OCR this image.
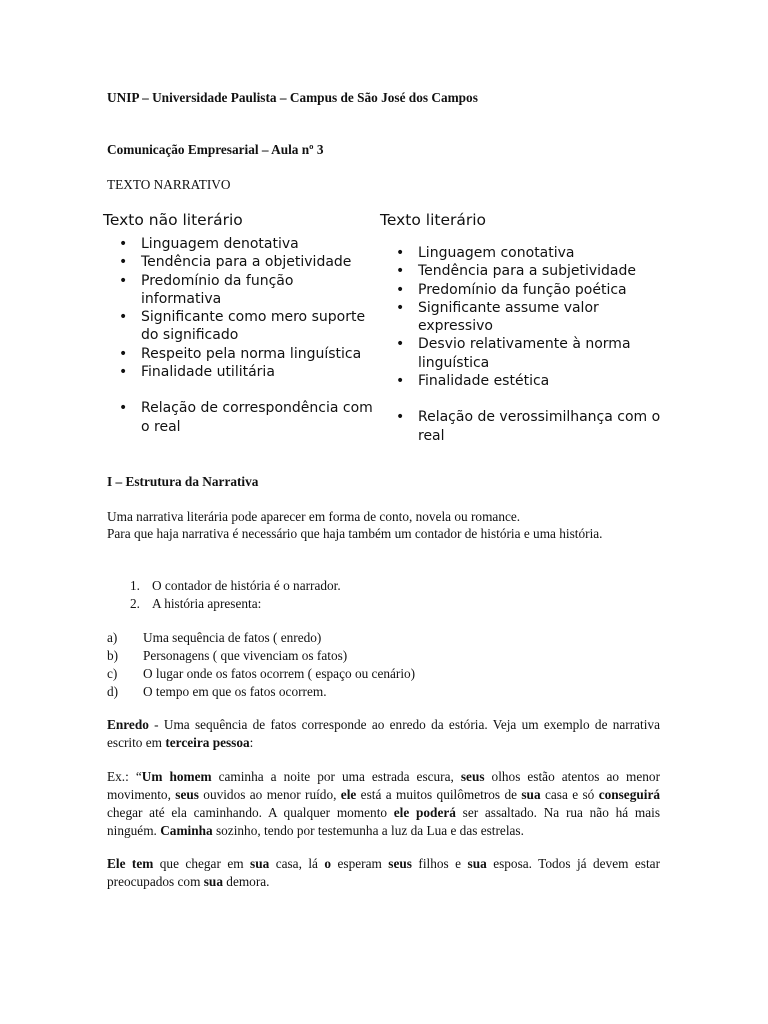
UNIP – Universidade Paulista – Campus de São José dos Campos
Comunicação Empresarial – Aula nº 3
TEXTO NARRATIVO
Texto não literário
• Linguagem denotativa
• Tendência para a objetividade
• Predomínio da função informativa
• Significante como mero suporte do significado
• Respeito pela norma linguística
• Finalidade utilitária
• Relação de correspondência com o real
Texto literário
• Linguagem conotativa
• Tendência para a subjetividade
• Predomínio da função poética
• Significante assume valor expressivo
• Desvio relativamente à norma linguística
• Finalidade estética
• Relação de verossimilhança com o real
I – Estrutura da Narrativa
Uma narrativa literária pode aparecer em forma de conto, novela ou romance.
Para que haja narrativa é necessário que haja também um contador de história e uma história.
1. O contador de história é o narrador.
2. A história apresenta:
a) Uma sequência de fatos ( enredo)
b) Personagens ( que vivenciam os fatos)
c) O lugar onde os fatos ocorrem ( espaço ou cenário)
d) O tempo em que os fatos ocorrem.
Enredo - Uma sequência de fatos corresponde ao enredo da estória. Veja um exemplo de narrativa escrito em terceira pessoa:
Ex.: “Um homem caminha a noite por uma estrada escura, seus olhos estão atentos ao menor movimento, seus ouvidos ao menor ruído, ele está a muitos quilômetros de sua casa e só conseguirá chegar até ela caminhando. A qualquer momento ele poderá ser assaltado. Na rua não há mais ninguém. Caminha sozinho, tendo por testemunha a luz da Lua e das estrelas.
Ele tem que chegar em sua casa, lá o esperam seus filhos e sua esposa. Todos já devem estar preocupados com sua demora.
